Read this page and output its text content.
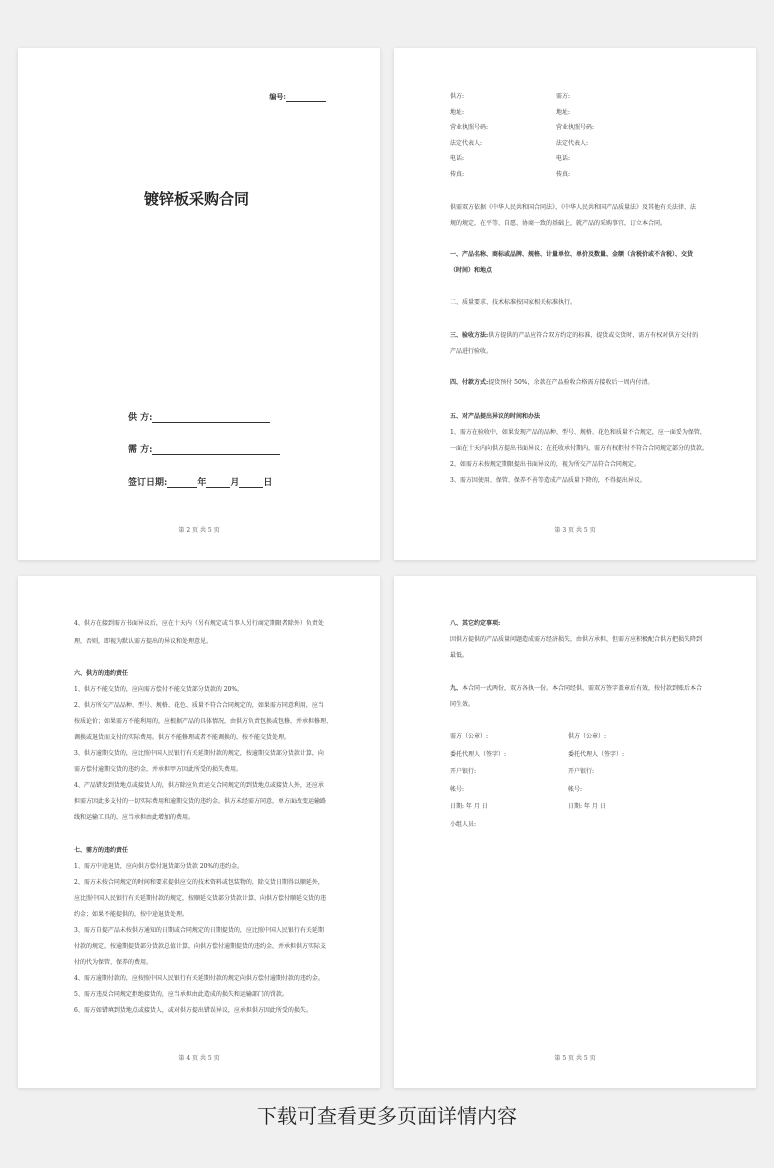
编号:
镀锌板采购合同
供 方:
需 方:
签订日期:	年	月	日
第 2 页 共 5 页
供方:	需方:
地址:	地址:
营业执照号码:	营业执照号码:
法定代表人:	法定代表人:
电话:	电话:
传真:	传真:
供需双方依据《中华人民共和国合同法》、《中华人民共和国产品质量法》及其他有关法律、法
规的规定，在平等、自愿、协商一致的基础上，就产品的采购事宜，订立本合同。
一、产品名称、商标或品牌、规格、计量单位、单价及数量、金额（含税价或不含税）、交货
（时间）和地点
二、质量要求、技术标准按国家相关标准执行。
三、验收方法:供方提供的产品应符合双方约定的标准，提货或交货时，需方有权对供方交付的
产品进行验收。
四、付款方式:提货预付 50%，余款在产品验收合格需方接收后一周内付清。
五、对产品提出异议的时间和办法
1、需方在验收中，如果发现产品的品种、型号、规格、花色和质量不合规定，应一面妥为保管，
一面在十天内向供方提出书面异议；在托收承付期内，需方有权拒付不符合合同规定部分的货款。
2、如需方未按规定期限提出书面异议的，视为所交产品符合合同规定。
3、需方因使用、保管、保养不善等造成产品质量下降的，不得提出异议。
第 3 页 共 5 页
4、供方在接到需方书面异议后，应在十天内（另有规定或当事人另行商定期限者除外）负责处
理，否则，即视为默认需方提出的异议和处理意见。
六、供方的违约责任
1、供方不能交货的，应向需方偿付不能交货部分货款的 20%。
2、供方所交产品品种、型号、规格、花色、质量不符合合同规定的，如果需方同意利用，应当
按质论价；如果需方不能利用的，应根据产品的具体情况，由供方负责包换或包修，并承担修理、
调换或退货而支付的实际费用。供方不能修理或者不能调换的，按不能交货处理。
3、供方逾期交货的，应比照中国人民银行有关延期付款的规定，按逾期交货部分货款计算，向
需方偿付逾期交货的违约金，并承担甲方因此所受的损失费用。
4、产品错发到货地点或接货人的，供方除应负责运交合同规定的到货地点或接货人外，还应承
担需方因此多支付的一切实际费用和逾期交货的违约金。供方未经需方同意，单方面改变运输路
线和运输工具的，应当承担由此增加的费用。
七、需方的违约责任
1、需方中途退货，应向供方偿付退货部分货款 20%的违约金。
2、需方未按合同规定的时间和要求提供应交的技术资料或包装物的，除交货日期得以顺延外，
应比照中国人民银行有关延期付款的规定，按顺延交货部分货款计算，向供方偿付顺延交货的违
约金；如果不能提供的，按中途退货处理。
3、需方自提产品未按供方通知的日期或合同规定的日期提货的，应比照中国人民银行有关延期
付款的规定，按逾期提货部分货款总值计算，向供方偿付逾期提货的违约金，并承担供方实际支
付的代为保管、保养的费用。
4、需方逾期付款的，应按照中国人民银行有关延期付款的规定向供方偿付逾期付款的违约金。
5、需方违反合同规定拒绝接货的，应当承担由此造成的损失和运输部门的罚款。
6、需方如错填到货地点或接货人，或对供方提出错误异议，应承担供方因此所受的损失。
第 4 页 共 5 页
八、其它约定事项:
因供方提供的产品质量问题造成需方经济损失，由供方承担，但需方应积极配合供方把损失降到
最低。
九、本合同一式两份，双方各执一份。本合同经供、需双方签字盖章后有效，按付款到账后本合
同生效。
需方（公章）:	供方（公章）:
委托代理人（签字）:	委托代理人（签字）:
开户银行:	开户银行:
帐号:	帐号:
日期: 年 月 日	日期: 年 月 日
小组人员:
第 5 页 共 5 页
下载可查看更多页面详情内容
